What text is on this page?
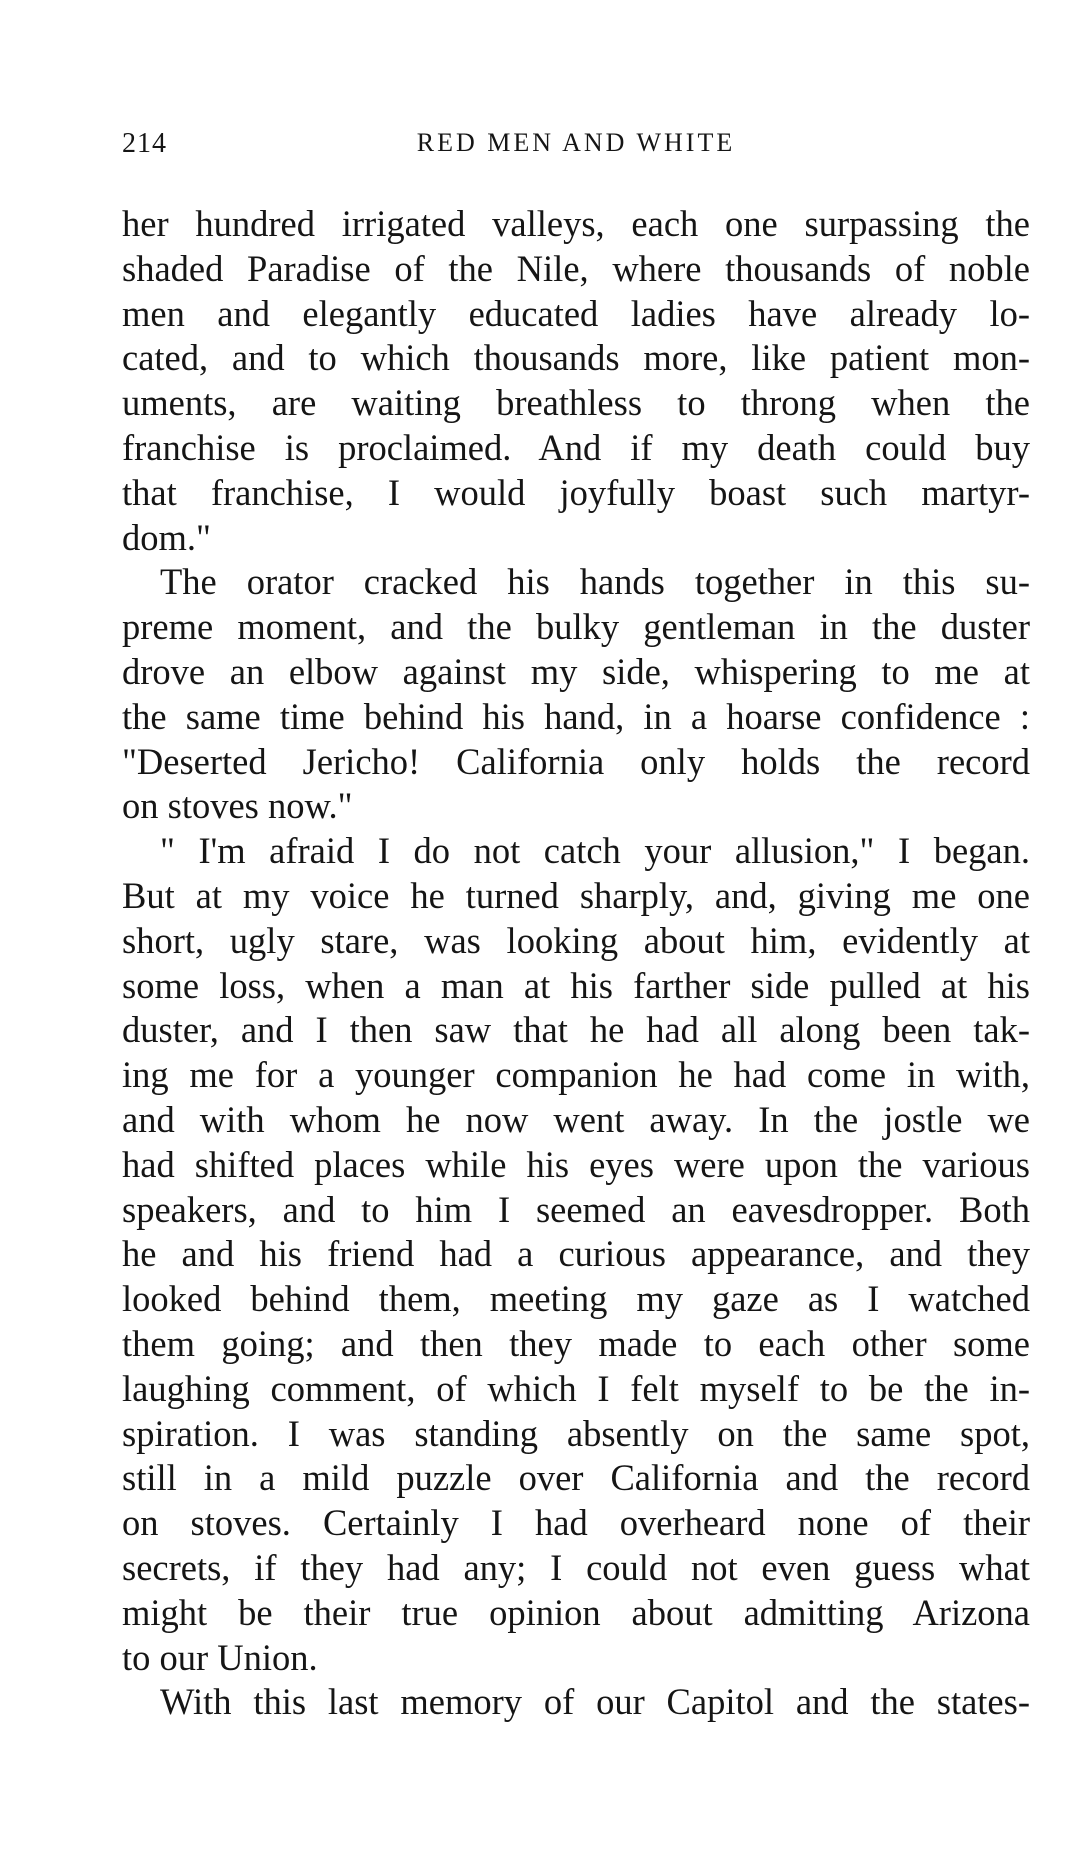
214	RED MEN AND WHITE
her hundred irrigated valleys, each one surpassing the
shaded Paradise of the Nile, where thousands of noble
men and elegantly educated ladies have already lo-
cated, and to which thousands more, like patient mon-
uments, are waiting breathless to throng when the
franchise is proclaimed. And if my death could buy
that franchise, I would joyfully boast such martyr-
dom."
The orator cracked his hands together in this su-
preme moment, and the bulky gentleman in the duster
drove an elbow against my side, whispering to me at
the same time behind his hand, in a hoarse confidence :
"Deserted Jericho! California only holds the record
on stoves now."
" I'm afraid I do not catch your allusion," I began.
But at my voice he turned sharply, and, giving me one
short, ugly stare, was looking about him, evidently at
some loss, when a man at his farther side pulled at his
duster, and I then saw that he had all along been tak-
ing me for a younger companion he had come in with,
and with whom he now went away. In the jostle we
had shifted places while his eyes were upon the various
speakers, and to him I seemed an eavesdropper. Both
he and his friend had a curious appearance, and they
looked behind them, meeting my gaze as I watched
them going; and then they made to each other some
laughing comment, of which I felt myself to be the in-
spiration. I was standing absently on the same spot,
still in a mild puzzle over California and the record
on stoves. Certainly I had overheard none of their
secrets, if they had any; I could not even guess what
might be their true opinion about admitting Arizona
to our Union.
With this last memory of our Capitol and the states-
